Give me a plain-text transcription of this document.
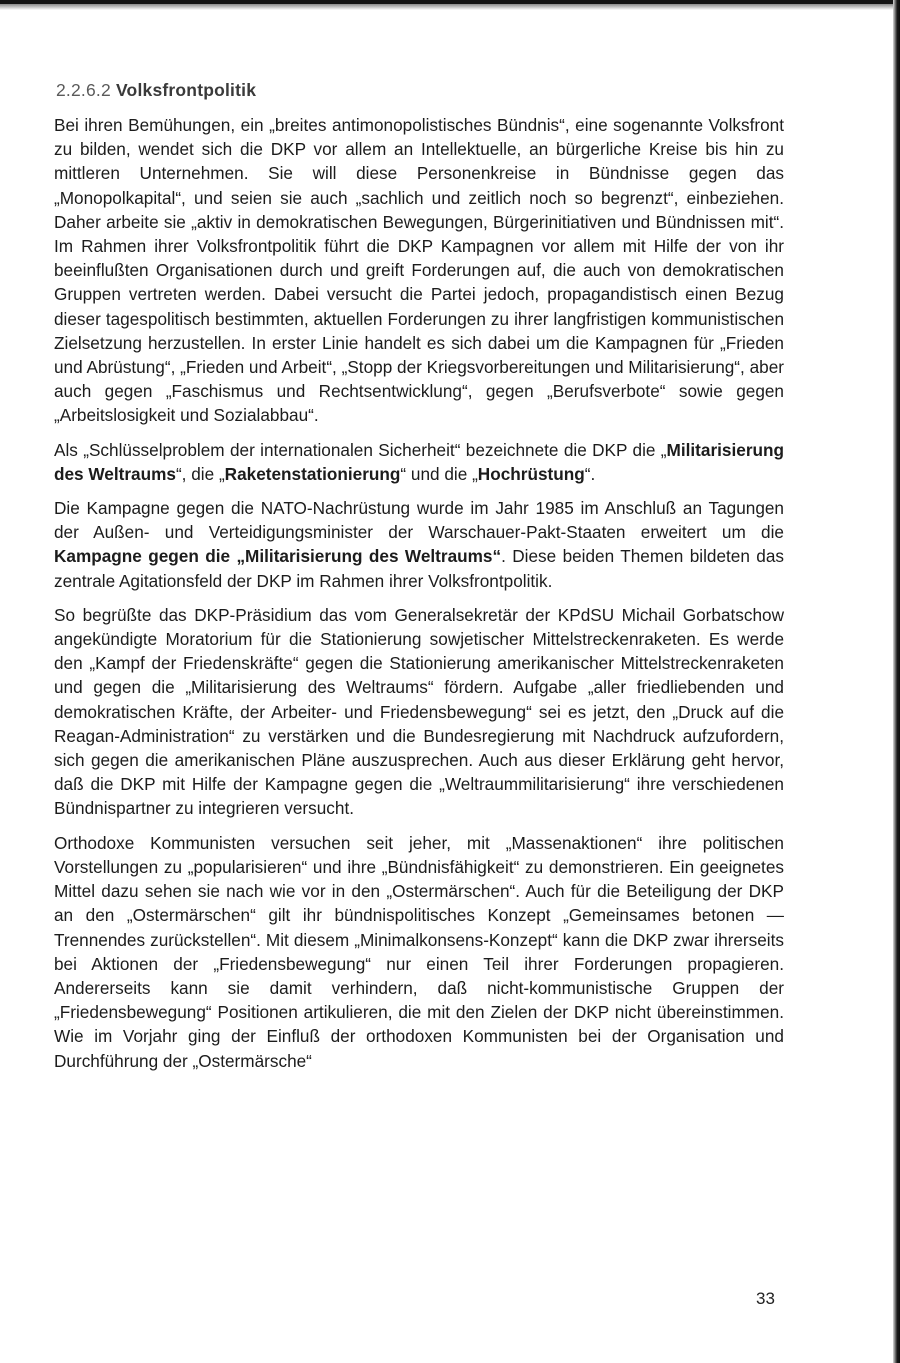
2.2.6.2 Volksfrontpolitik

Bei ihren Bemühungen, ein „breites antimonopolistisches Bündnis“, eine sogenannte Volksfront zu bilden, wendet sich die DKP vor allem an Intellektuelle, an bürgerliche Kreise bis hin zu mittleren Unternehmen. Sie will diese Personenkreise in Bündnisse gegen das „Monopolkapital“, und seien sie auch „sachlich und zeitlich noch so begrenzt“, einbeziehen. Daher arbeite sie „aktiv in demokratischen Bewegungen, Bürgerinitiativen und Bündnissen mit“. Im Rahmen ihrer Volksfrontpolitik führt die DKP Kampagnen vor allem mit Hilfe der von ihr beeinflußten Organisationen durch und greift Forderungen auf, die auch von demokratischen Gruppen vertreten werden. Dabei versucht die Partei jedoch, propagandistisch einen Bezug dieser tagespolitisch bestimmten, aktuellen Forderungen zu ihrer langfristigen kommunistischen Zielsetzung herzustellen. In erster Linie handelt es sich dabei um die Kampagnen für „Frieden und Abrüstung“, „Frieden und Arbeit“, „Stopp der Kriegsvorbereitungen und Militarisierung“, aber auch gegen „Faschismus und Rechtsentwicklung“, gegen „Berufsverbote“ sowie gegen „Arbeitslosigkeit und Sozialabbau“.

Als „Schlüsselproblem der internationalen Sicherheit“ bezeichnete die DKP die „Militarisierung des Weltraums“, die „Raketenstationierung“ und die „Hochrüstung“.

Die Kampagne gegen die NATO-Nachrüstung wurde im Jahr 1985 im Anschluß an Tagungen der Außen- und Verteidigungsminister der Warschauer-Pakt-Staaten erweitert um die Kampagne gegen die „Militarisierung des Weltraums“. Diese beiden Themen bildeten das zentrale Agitationsfeld der DKP im Rahmen ihrer Volksfrontpolitik.

So begrüßte das DKP-Präsidium das vom Generalsekretär der KPdSU Michail Gorbatschow angekündigte Moratorium für die Stationierung sowjetischer Mittelstreckenraketen. Es werde den „Kampf der Friedenskräfte“ gegen die Stationierung amerikanischer Mittelstreckenraketen und gegen die „Militarisierung des Weltraums“ fördern. Aufgabe „aller friedliebenden und demokratischen Kräfte, der Arbeiter- und Friedensbewegung“ sei es jetzt, den „Druck auf die Reagan-Administration“ zu verstärken und die Bundesregierung mit Nachdruck aufzufordern, sich gegen die amerikanischen Pläne auszusprechen. Auch aus dieser Erklärung geht hervor, daß die DKP mit Hilfe der Kampagne gegen die „Weltraummilitarisierung“ ihre verschiedenen Bündnispartner zu integrieren versucht.

Orthodoxe Kommunisten versuchen seit jeher, mit „Massenaktionen“ ihre politischen Vorstellungen zu „popularisieren“ und ihre „Bündnisfähigkeit“ zu demonstrieren. Ein geeignetes Mittel dazu sehen sie nach wie vor in den „Ostermärschen“. Auch für die Beteiligung der DKP an den „Ostermärschen“ gilt ihr bündnispolitisches Konzept „Gemeinsames betonen — Trennendes zurückstellen“. Mit diesem „Minimalkonsens-Konzept“ kann die DKP zwar ihrerseits bei Aktionen der „Friedensbewegung“ nur einen Teil ihrer Forderungen propagieren. Andererseits kann sie damit verhindern, daß nicht-kommunistische Gruppen der „Friedensbewegung“ Positionen artikulieren, die mit den Zielen der DKP nicht übereinstimmen. Wie im Vorjahr ging der Einfluß der orthodoxen Kommunisten bei der Organisation und Durchführung der „Ostermärsche“

33
